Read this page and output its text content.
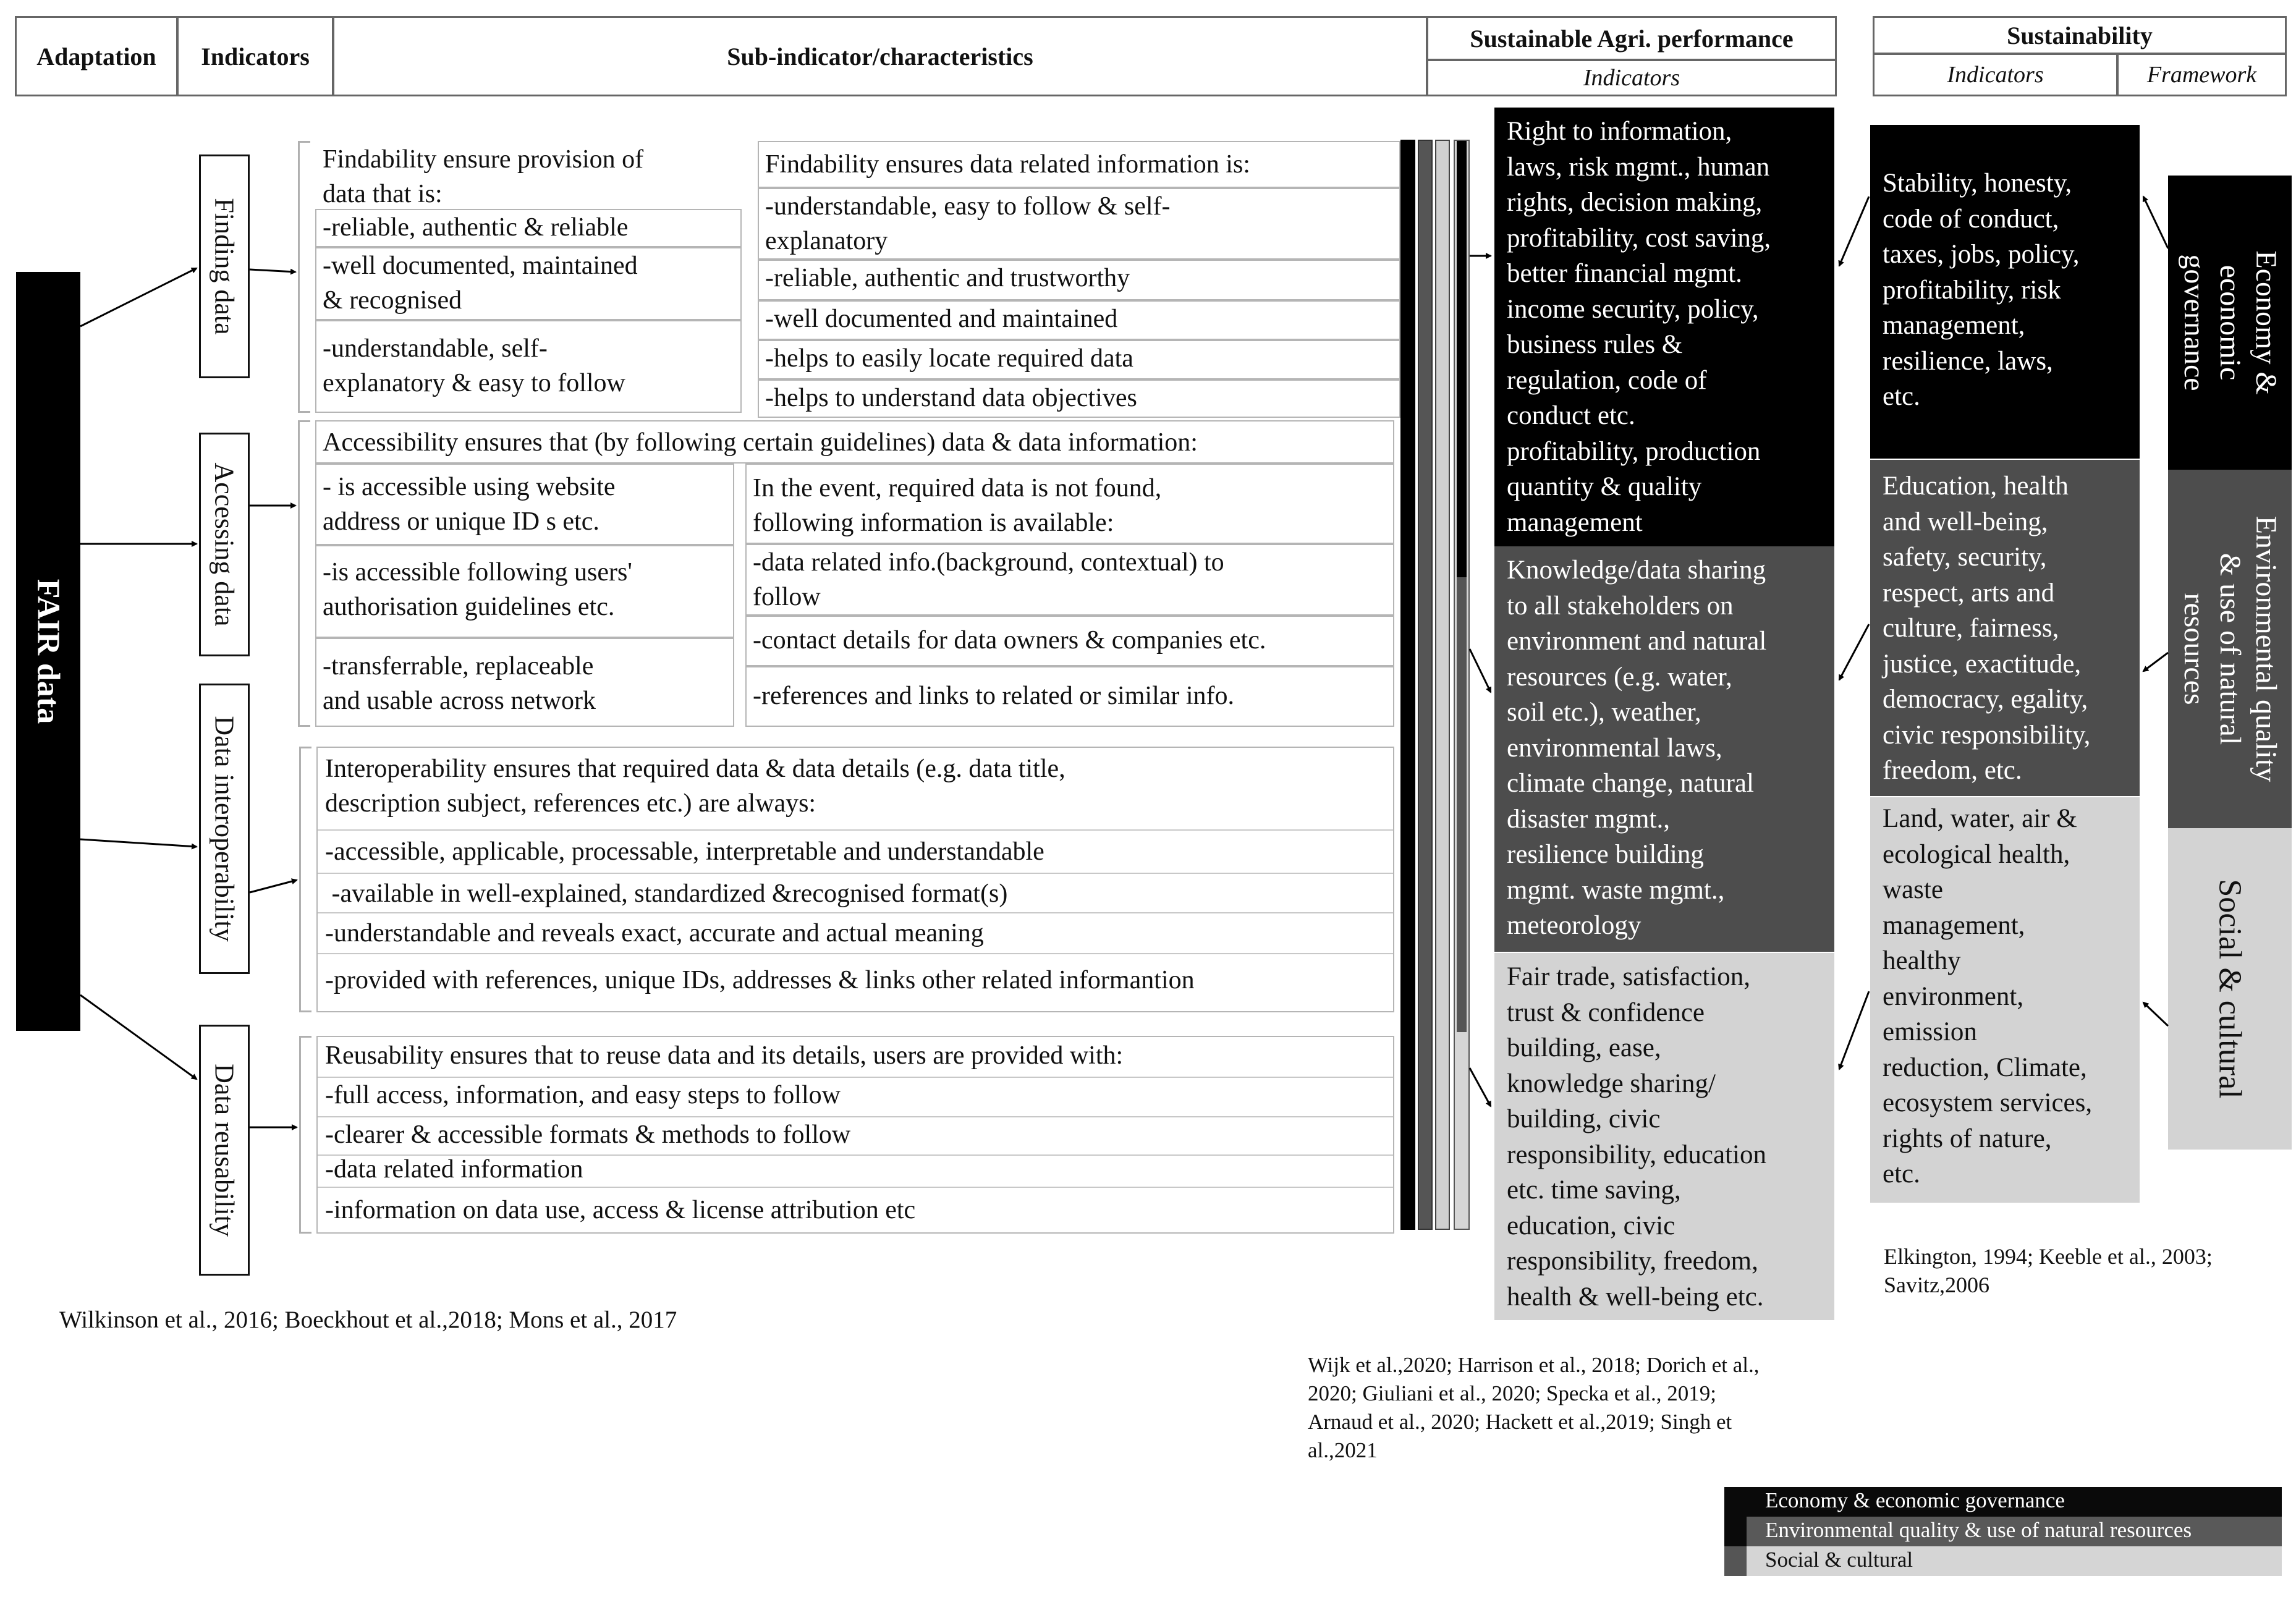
Adaptation	Indicators	Sub-indicator/characteristics
Sustainable Agri. performance
Indicators
Sustainability
Indicators	Framework
FAIR data
Finding data
Accessing data
Data interoperability
Data reusability
Findability ensure provision of
data that is:
-reliable, authentic & reliable
-well documented, maintained
& recognised
-understandable, self-
explanatory & easy to follow
Findability ensures data related information is:
-understandable, easy to follow & self-
explanatory
-reliable, authentic and trustworthy
-well documented and maintained
-helps to easily locate required data
-helps to understand data objectives
Accessibility ensures that (by following certain guidelines) data & data information:
- is accessible using website
address or unique ID s etc.
-is accessible following users'
authorisation guidelines etc.
-transferrable, replaceable
and usable across network
In the event, required data is not found,
following information is available:
-data related info.(background, contextual) to
follow
-contact details for data owners & companies etc.
-references and links to related or similar info.
Interoperability ensures that required data & data details (e.g. data title,
description subject, references etc.) are always:
-accessible, applicable, processable, interpretable and understandable
-available in well-explained, standardized &recognised format(s)
-understandable and reveals exact, accurate and actual meaning
-provided with references, unique IDs, addresses & links other related informantion
Reusability ensures that to reuse data and its details, users are provided with:
-full access, information, and easy steps to follow
-clearer & accessible formats & methods to follow
-data related information
-information on data use, access & license attribution etc
Right to information,
laws, risk mgmt., human
rights, decision making,
profitability, cost saving,
better financial mgmt.
income security, policy,
business rules &
regulation, code of
conduct etc.
profitability, production
quantity & quality
management
Knowledge/data sharing
to all stakeholders on
environment and natural
resources (e.g. water,
soil etc.), weather,
environmental laws,
climate change, natural
disaster mgmt.,
resilience building
mgmt. waste mgmt.,
meteorology
Fair trade, satisfaction,
trust & confidence
building, ease,
knowledge sharing/
building, civic
responsibility, education
etc. time saving,
education, civic
responsibility, freedom,
health & well-being etc.
Stability, honesty,
code of conduct,
taxes, jobs, policy,
profitability, risk
management,
resilience, laws,
etc.
Education, health
and well-being,
safety, security,
respect, arts and
culture, fairness,
justice, exactitude,
democracy, egality,
civic responsibility,
freedom, etc.
Land, water, air &
ecological health,
waste
management,
healthy
environment,
emission
reduction, Climate,
ecosystem services,
rights of nature,
etc.
Economy &
economic
governance
Environmental quality
& use of natural
resources
Social & cultural
Wilkinson et al., 2016; Boeckhout et al.,2018; Mons et al., 2017
Wijk et al.,2020; Harrison et al., 2018; Dorich et al.,
2020; Giuliani et al., 2020; Specka et al., 2019;
Arnaud et al., 2020; Hackett et al.,2019; Singh et
al.,2021
Elkington, 1994; Keeble et al., 2003;
Savitz,2006
Economy & economic governance
Environmental quality & use of natural resources
Social & cultural
